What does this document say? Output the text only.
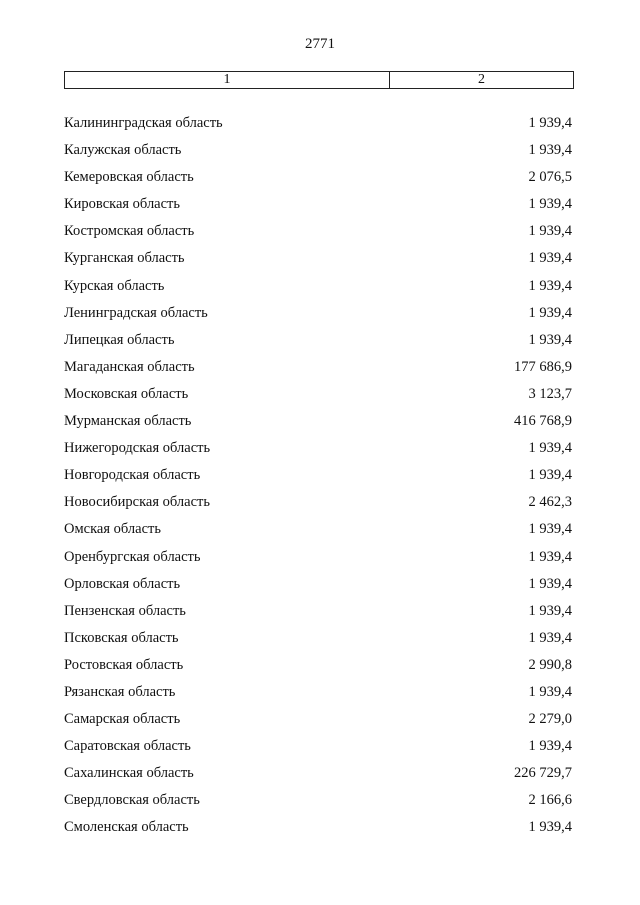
2771
1	2
Калининградская область	1 939,4
Калужская область	1 939,4
Кемеровская область	2 076,5
Кировская область	1 939,4
Костромская область	1 939,4
Курганская область	1 939,4
Курская область	1 939,4
Ленинградская область	1 939,4
Липецкая область	1 939,4
Магаданская область	177 686,9
Московская область	3 123,7
Мурманская область	416 768,9
Нижегородская область	1 939,4
Новгородская область	1 939,4
Новосибирская область	2 462,3
Омская область	1 939,4
Оренбургская область	1 939,4
Орловская область	1 939,4
Пензенская область	1 939,4
Псковская область	1 939,4
Ростовская область	2 990,8
Рязанская область	1 939,4
Самарская область	2 279,0
Саратовская область	1 939,4
Сахалинская область	226 729,7
Свердловская область	2 166,6
Смоленская область	1 939,4
